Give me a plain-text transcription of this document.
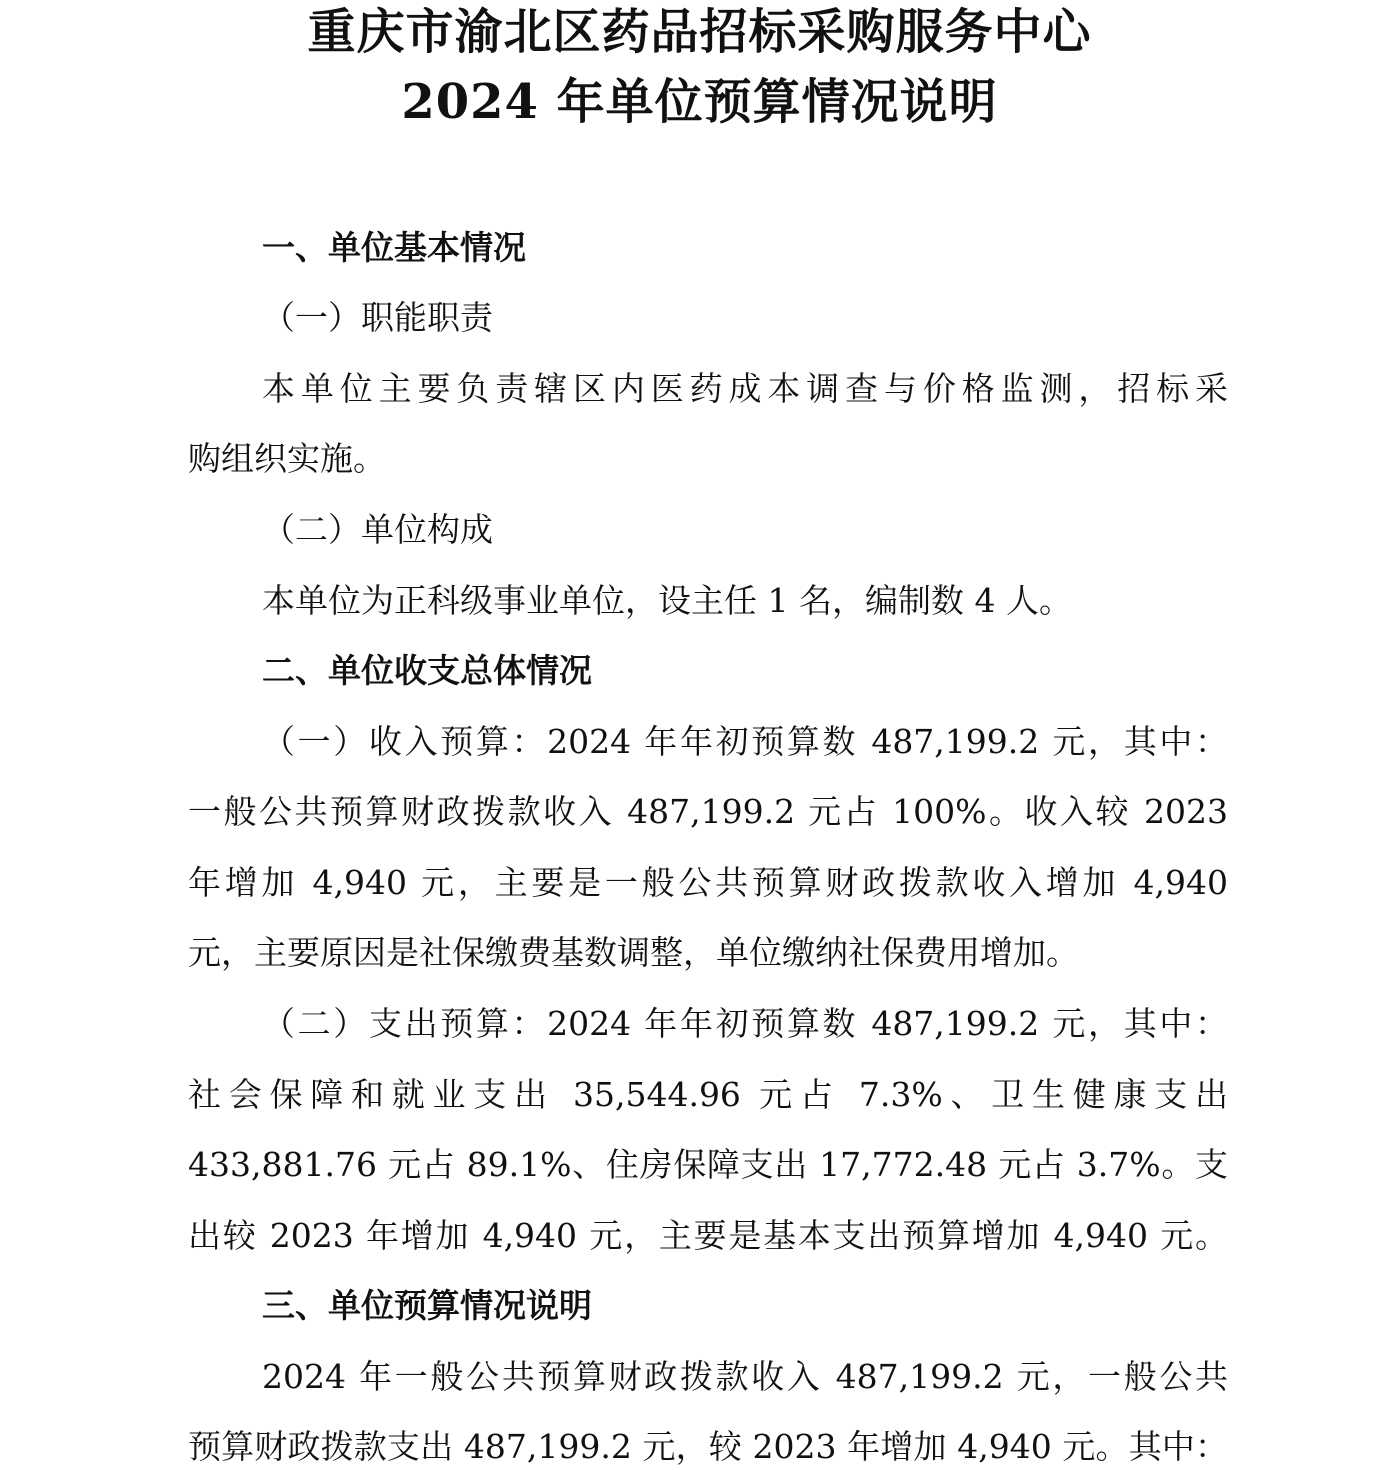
重庆市渝北区药品招标采购服务中心
2024 年单位预算情况说明

一、单位基本情况

（一）职能职责

本单位主要负责辖区内医药成本调查与价格监测，招标采

购组织实施。

（二）单位构成

本单位为正科级事业单位，设主任 1 名，编制数 4 人。

二、单位收支总体情况

（一）收入预算：2024 年年初预算数 487,199.2 元，其中：

一般公共预算财政拨款收入 487,199.2 元占 100%。收入较 2023

年增加 4,940 元，主要是一般公共预算财政拨款收入增加 4,940

元，主要原因是社保缴费基数调整，单位缴纳社保费用增加。

（二）支出预算：2024 年年初预算数 487,199.2 元，其中：

社会保障和就业支出 35,544.96 元占 7.3%、卫生健康支出

433,881.76 元占 89.1%、住房保障支出 17,772.48 元占 3.7%。支

出较 2023 年增加 4,940 元，主要是基本支出预算增加 4,940 元。

三、单位预算情况说明

2024 年一般公共预算财政拨款收入 487,199.2 元，一般公共

预算财政拨款支出 487,199.2 元，较 2023 年增加 4,940 元。其中：
